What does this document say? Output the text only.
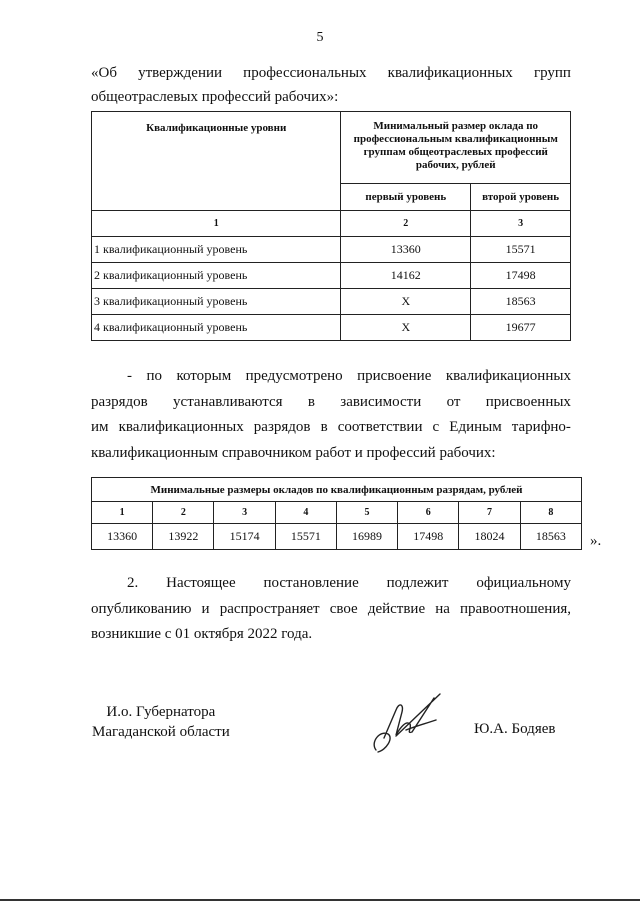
5
«Об утверждении профессиональных квалификационных групп
общеотраслевых профессий рабочих»:
Квалификационные уровни	Минимальный размер оклада по профессиональным квалификационным группам общеотраслевых профессий рабочих, рублей	
	первый уровень	второй уровень
1	2	3
1 квалификационный уровень	13360	15571
2 квалификационный уровень	14162	17498
3 квалификационный уровень	Х	18563
4 квалификационный уровень	Х	19677
- по которым предусмотрено присвоение квалификационных
разрядов устанавливаются в зависимости от присвоенных
им квалификационных разрядов в соответствии с Единым тарифно-
квалификационным справочником работ и профессий рабочих:
Минимальные размеры окладов по квалификационным разрядам, рублей							
1	2	3	4	5	6	7	8
13360	13922	15174	15571	16989	17498	18024	18563 ».
2. Настоящее постановление подлежит официальному
опубликованию и распространяет свое действие на правоотношения,
возникшие с 01 октября 2022 года.
И.о. Губернатора
Магаданской области	Ю.А. Бодяев
